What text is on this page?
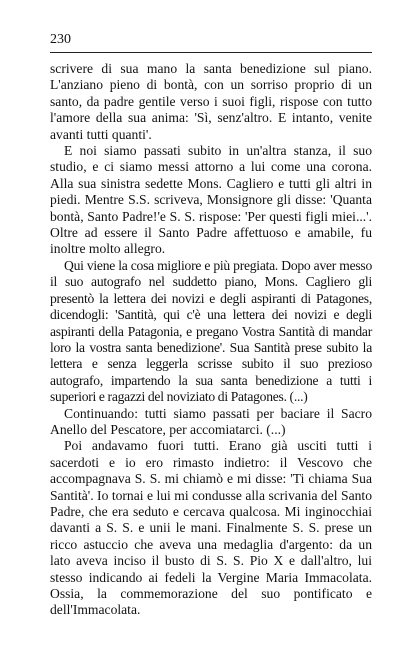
230

scrivere di sua mano la santa benedizione sul piano. L'anziano pieno di bontà, con un sorriso proprio di un santo, da padre gentile verso i suoi figli, rispose con tutto l'amore della sua anima: 'Sì, senz'altro. E intanto, venite avanti tutti quanti'.

E noi siamo passati subito in un'altra stanza, il suo studio, e ci siamo messi attorno a lui come una corona. Alla sua sinistra sedette Mons. Cagliero e tutti gli altri in piedi. Mentre S.S. scriveva, Monsignore gli disse: 'Quanta bontà, Santo Padre!'e S. S. rispose: 'Per questi figli miei...'. Oltre ad essere il Santo Padre affettuoso e amabile, fu inoltre molto allegro.

Qui viene la cosa migliore e più pregiata. Dopo aver messo il suo autografo nel suddetto piano, Mons. Cagliero gli presentò la lettera dei novizi e degli aspiranti di Patagones, dicendogli: 'Santità, qui c'è una lettera dei novizi e degli aspiranti della Patagonia, e pregano Vostra Santità di mandar loro la vostra santa benedizione'. Sua Santità prese subito la lettera e senza leggerla scrisse subito il suo prezioso autografo, impartendo la sua santa benedizione a tutti i superiori e ragazzi del noviziato di Patagones. (...)

Continuando: tutti siamo passati per baciare il Sacro Anello del Pescatore, per accomiatarci. (...)

Poi andavamo fuori tutti. Erano già usciti tutti i sacerdoti e io ero rimasto indietro: il Vescovo che accompagnava S. S. mi chiamò e mi disse: 'Ti chiama Sua Santità'. Io tornai e lui mi condusse alla scrivania del Santo Padre, che era seduto e cercava qualcosa. Mi inginocchiai davanti a S. S. e unii le mani. Finalmente S. S. prese un ricco astuccio che aveva una medaglia d'argento: da un lato aveva inciso il busto di S. S. Pio X e dall'altro, lui stesso indicando ai fedeli la Vergine Maria Immacolata. Ossia, la commemorazione del suo pontificato e dell'Immacolata.
